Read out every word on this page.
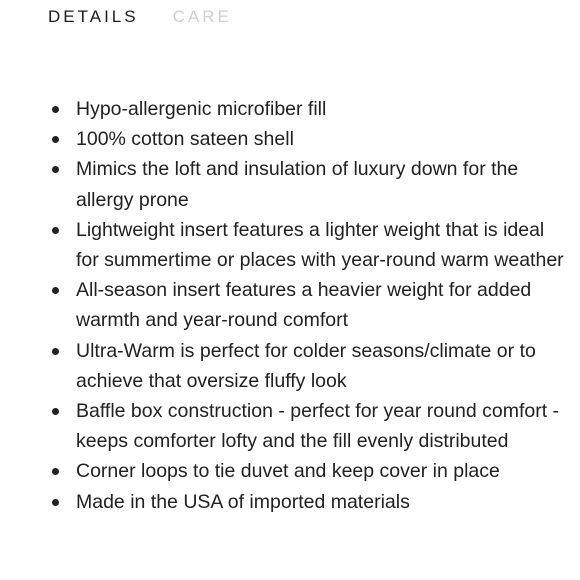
DETAILS CARE
Hypo-allergenic microfiber fill
100% cotton sateen shell
Mimics the loft and insulation of luxury down for the allergy prone
Lightweight insert features a lighter weight that is ideal for summertime or places with year-round warm weather
All-season insert features a heavier weight for added warmth and year-round comfort
Ultra-Warm is perfect for colder seasons/climate or to achieve that oversize fluffy look
Baffle box construction - perfect for year round comfort - keeps comforter lofty and the fill evenly distributed
Corner loops to tie duvet and keep cover in place
Made in the USA of imported materials
